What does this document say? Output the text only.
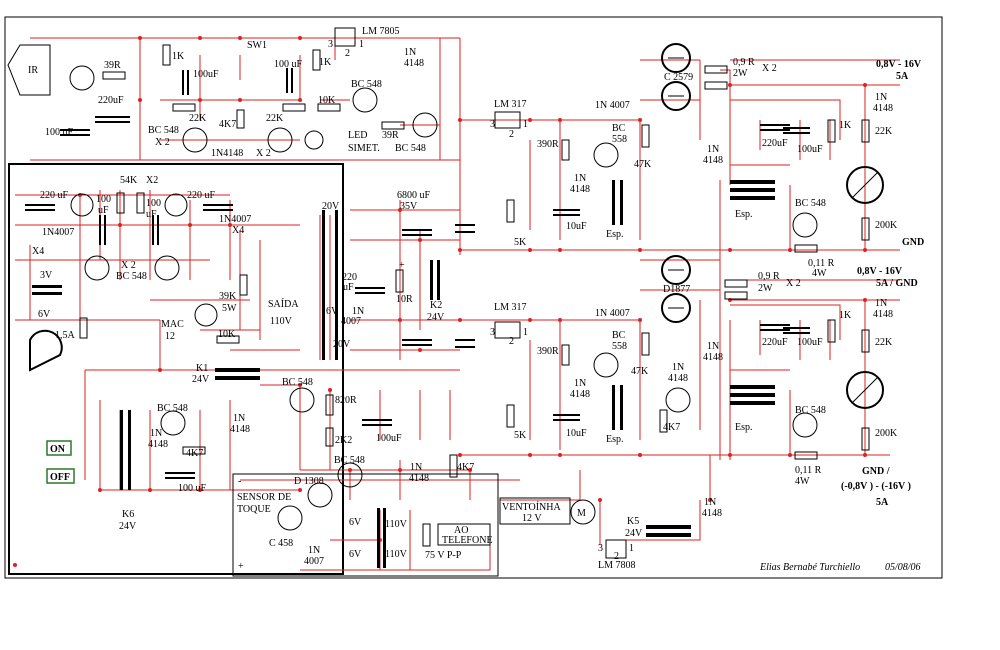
IR
ON
OFF
LM 7805
3	1
2
SW1
39R
1K
100uF
100 uF 1K
220uF
100 uF
22K
4K7
22K
10K
BC 548
X 2
1N4148 X 2
BC 548
1N
4148
LED
SIMET.
39R
BC 548
LM 317
3	1
2
1N 4007
BC
558
47K
390R
1N
4148
10uF
Esp.
5K
C 2579
0,9 R
2W X 2	0,8V - 16V
5A
1N
4148
1K
22K
220uF
100uF
1N
4148
Esp.
BC 548
200K
GND
0,11 R
4W	0,8V - 16V
5A / GND
D1877
0,9 R
2W X 2
1N
4148
1K
220uF 100uF	22K
1N
4148
BC 548
Esp.
200K
GND /
(-0,8V ) - (-16V )
5A
0,11 R
4W
LM 317
3	1
2
1N 4007
BC
558
390R
47K 1N
4148
1N
4148
10uF
Esp.
5K
4K7
6800 uF
35V
20V
20V
6V
220
uF
1N
4007
10R
K2
24V
+
54K X2
220 uF	100
uF
100
uF
220 uF
1N4007
X4
3V
6V
X 2
BC 548
1N4007
X4
39K
5W	SAÍDA
110V
MAC
12	10K
1,5A
K1
24V	BC 548
820R
2K2 100uF
BC 548
1N
4148
1N
4148
4K7
100 uF
K6
24V
BC 548
1N
4148
4K7
D 1308
SENSOR DE
TOQUE
C 458
1N
4007
6V
6V
110V
110V 75 V P-P
AO
TELEFONE
VENTOÍNHA
12 V	M
+
-
K5
24V
1N
4148
LM 7808
3	1
2
Elias Bernabé Turchiello 05/08/06
